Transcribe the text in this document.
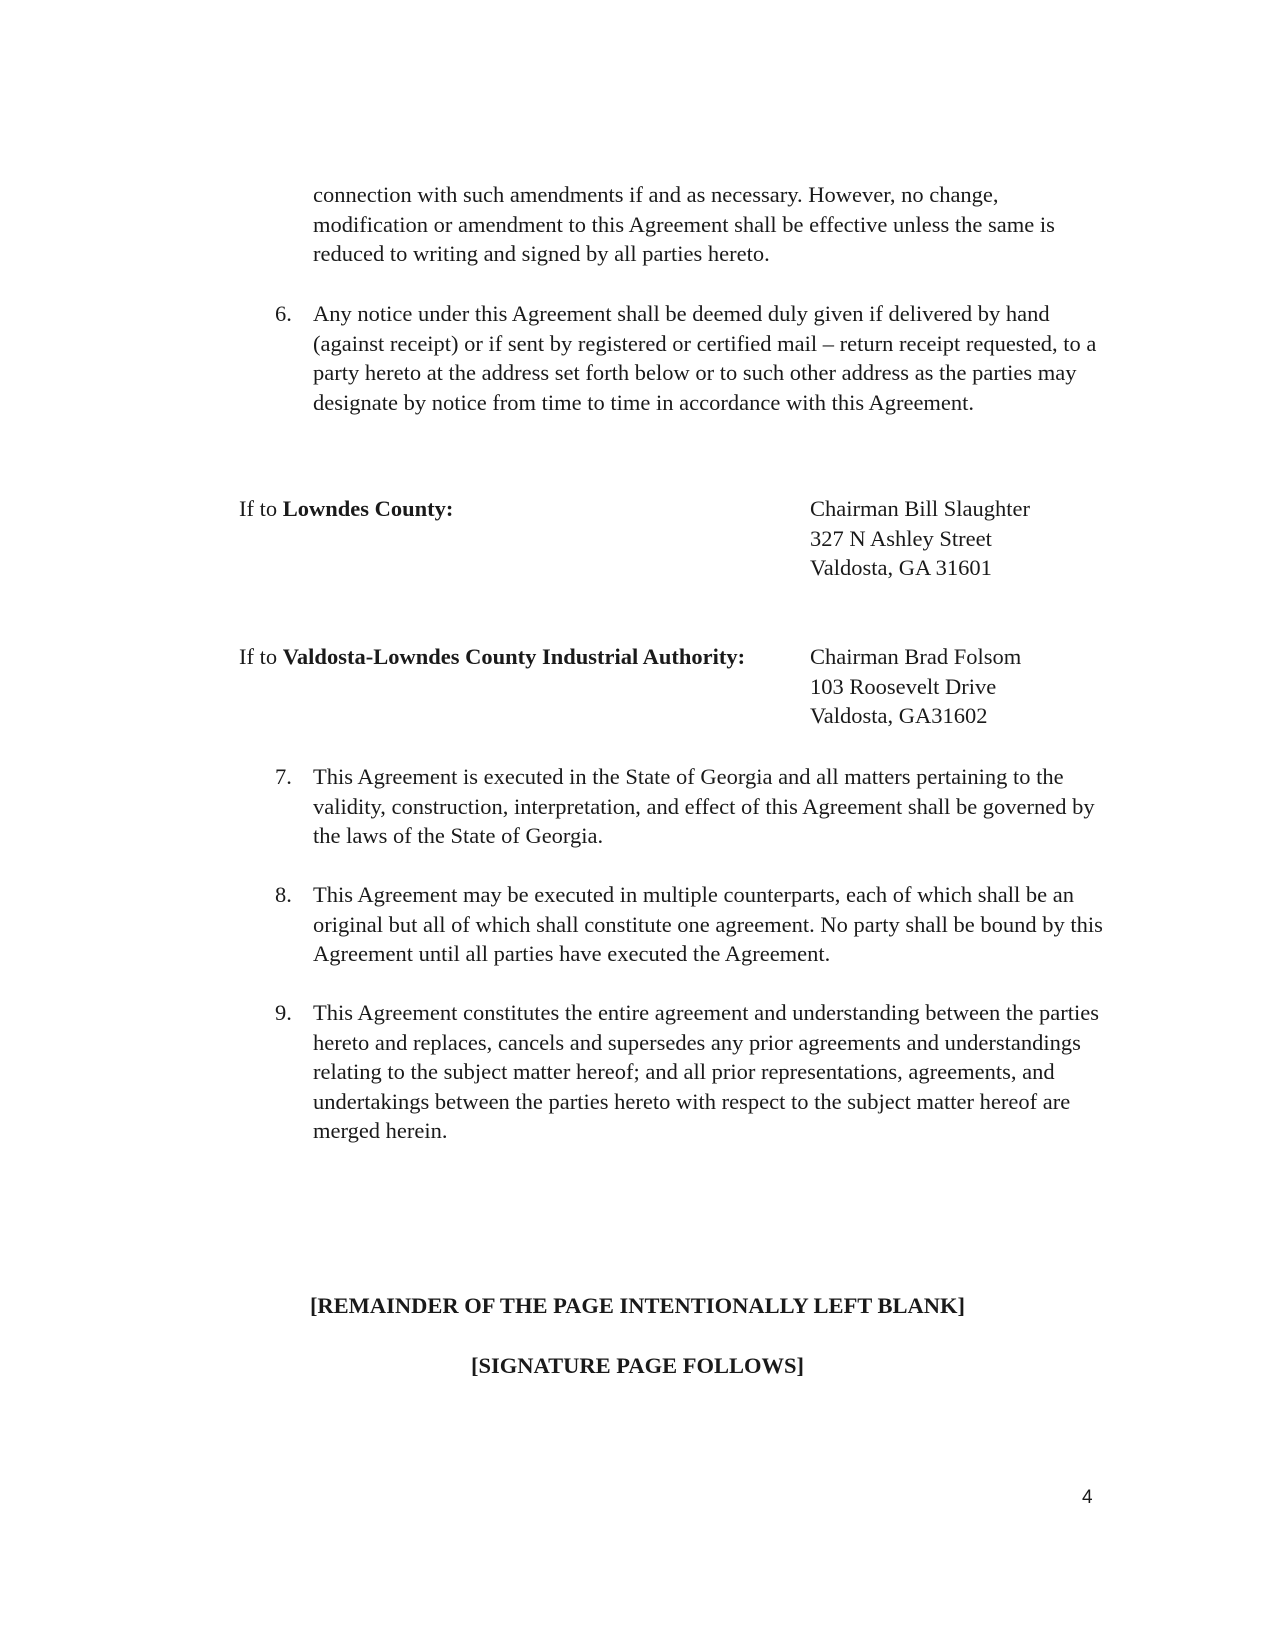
connection with such amendments if and as necessary. However, no change, modification or amendment to this Agreement shall be effective unless the same is reduced to writing and signed by all parties hereto.
6. Any notice under this Agreement shall be deemed duly given if delivered by hand (against receipt) or if sent by registered or certified mail – return receipt requested, to a party hereto at the address set forth below or to such other address as the parties may designate by notice from time to time in accordance with this Agreement.
If to Lowndes County:	Chairman Bill Slaughter
327 N Ashley Street
Valdosta, GA 31601
If to Valdosta-Lowndes County Industrial Authority:	Chairman Brad Folsom
103 Roosevelt Drive
Valdosta, GA31602
7. This Agreement is executed in the State of Georgia and all matters pertaining to the validity, construction, interpretation, and effect of this Agreement shall be governed by the laws of the State of Georgia.
8. This Agreement may be executed in multiple counterparts, each of which shall be an original but all of which shall constitute one agreement. No party shall be bound by this Agreement until all parties have executed the Agreement.
9. This Agreement constitutes the entire agreement and understanding between the parties hereto and replaces, cancels and supersedes any prior agreements and understandings relating to the subject matter hereof; and all prior representations, agreements, and undertakings between the parties hereto with respect to the subject matter hereof are merged herein.
[REMAINDER OF THE PAGE INTENTIONALLY LEFT BLANK]
[SIGNATURE PAGE FOLLOWS]
4
